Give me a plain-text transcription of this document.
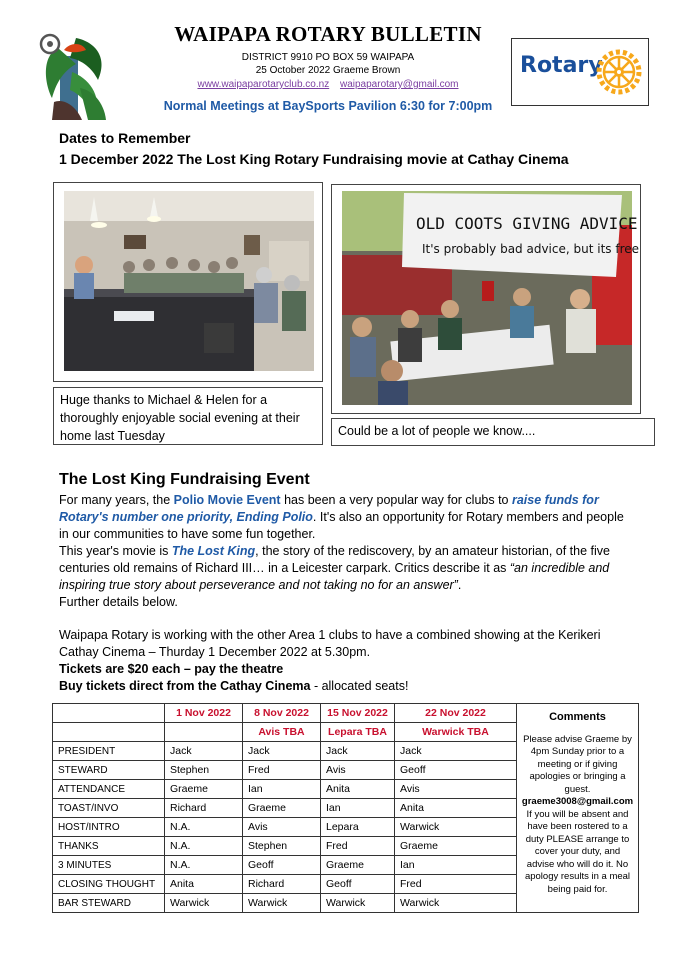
WAIPAPA ROTARY BULLETIN
DISTRICT 9910 PO BOX 59 WAIPAPA
25 October 2022 Graeme Brown
www.waipaparotaryclub.co.nz waipaparotary@gmail.com
Normal Meetings at BaySports Pavilion 6:30 for 7:00pm
Rotary
Dates to Remember
1 December 2022 The Lost King Rotary Fundraising movie at Cathay Cinema
Huge thanks to Michael & Helen for a thoroughly enjoyable social evening at their home last Tuesday
OLD COOTS GIVING ADVICE
It's probably bad advice, but its free
Could be a lot of people we know....
The Lost King Fundraising Event
For many years, the Polio Movie Event has been a very popular way for clubs to raise funds for Rotary's number one priority, Ending Polio. It's also an opportunity for Rotary members and people in our communities to have some fun together.
This year's movie is The Lost King, the story of the rediscovery, by an amateur historian, of the five centuries old remains of Richard III… in a Leicester carpark. Critics describe it as “an incredible and inspiring true story about perseverance and not taking no for an answer”.
Further details below.
Waipapa Rotary is working with the other Area 1 clubs to have a combined showing at the Kerikeri Cathay Cinema – Thurday 1 December 2022 at 5.30pm.
Tickets are $20 each – pay the theatre
Buy tickets direct from the Cathay Cinema - allocated seats!
	1 Nov 2022	8 Nov 2022	15 Nov 2022	22 Nov 2022	Comments
Please advise Graeme by 4pm Sunday prior to a meeting or if giving apologies or bringing a guest.
graeme3008@gmail.com
If you will be absent and have been rostered to a duty PLEASE arrange to cover your duty, and advise who will do it. No apology results in a meal being paid for.
		Avis TBA	Lepara TBA	Warwick TBA	
PRESIDENT	Jack	Jack	Jack	Jack	
STEWARD	Stephen	Fred	Avis	Geoff	
ATTENDANCE	Graeme	Ian	Anita	Avis	
TOAST/INVO	Richard	Graeme	Ian	Anita	
HOST/INTRO	N.A.	Avis	Lepara	Warwick	
THANKS	N.A.	Stephen	Fred	Graeme	
3 MINUTES	N.A.	Geoff	Graeme	Ian	
CLOSING THOUGHT	Anita	Richard	Geoff	Fred	
BAR STEWARD	Warwick	Warwick	Warwick	Warwick	
